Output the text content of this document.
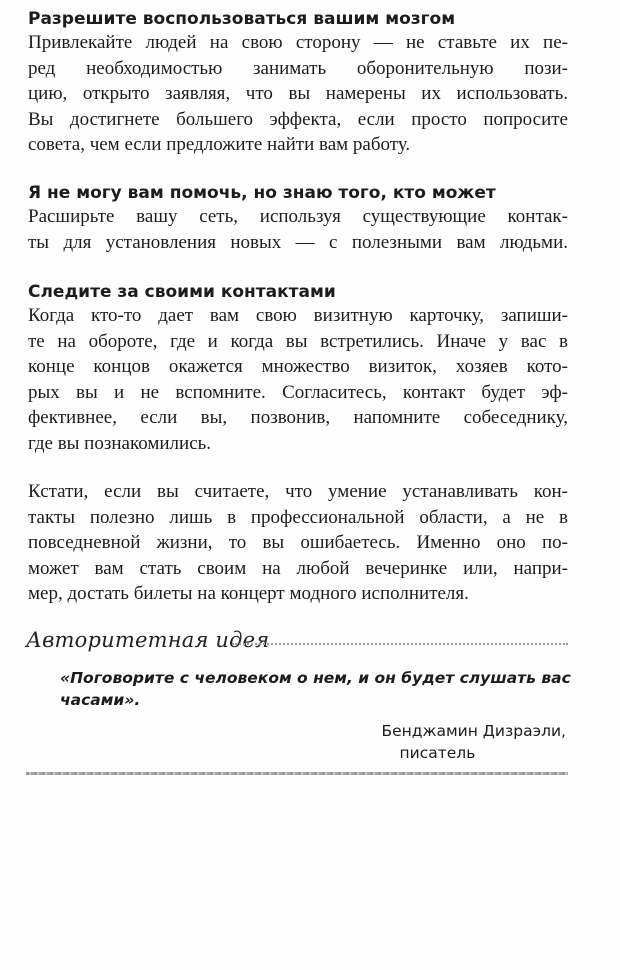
Разрешите воспользоваться вашим мозгом

Привлекайте людей на свою сторону — не ставьте их пе-
ред необходимостью занимать оборонительную пози-
цию, открыто заявляя, что вы намерены их использовать.
Вы достигнете большего эффекта, если просто попросите
совета, чем если предложите найти вам работу.

Я не могу вам помочь, но знаю того, кто может

Расширьте вашу сеть, используя существующие контак-
ты для установления новых — с полезными вам людьми.

Следите за своими контактами

Когда кто-то дает вам свою визитную карточку, запиши-
те на обороте, где и когда вы встретились. Иначе у вас в
конце концов окажется множество визиток, хозяев кото-
рых вы и не вспомните. Согласитесь, контакт будет эф-
фективнее, если вы, позвонив, напомните собеседнику,
где вы познакомились.

Кстати, если вы считаете, что умение устанавливать кон-
такты полезно лишь в профессиональной области, а не в
повседневной жизни, то вы ошибаетесь. Именно оно по-
может вам стать своим на любой вечеринке или, напри-
мер, достать билеты на концерт модного исполнителя.

Авторитетная идея

«Поговорите с человеком о нем, и он будет слушать вас
часами».

Бенджамин Дизраэли,
писатель
